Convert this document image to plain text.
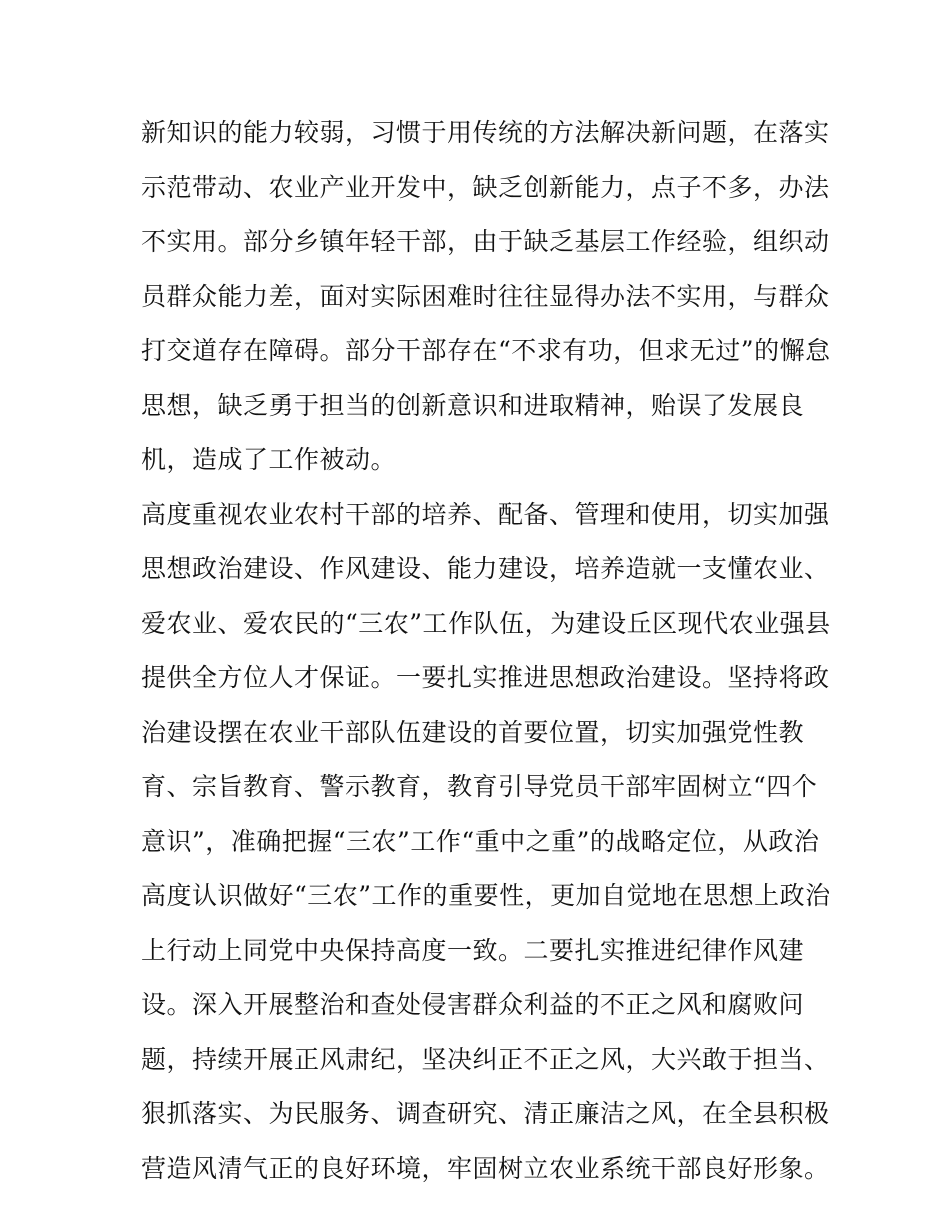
新知识的能力较弱，习惯于用传统的方法解决新问题，在落实
示范带动、农业产业开发中，缺乏创新能力，点子不多，办法
不实用。部分乡镇年轻干部，由于缺乏基层工作经验，组织动
员群众能力差，面对实际困难时往往显得办法不实用，与群众
打交道存在障碍。部分干部存在“不求有功，但求无过”的懈怠
思想，缺乏勇于担当的创新意识和进取精神，贻误了发展良
机，造成了工作被动。
高度重视农业农村干部的培养、配备、管理和使用，切实加强
思想政治建设、作风建设、能力建设，培养造就一支懂农业、
爱农业、爱农民的“三农”工作队伍，为建设丘区现代农业强县
提供全方位人才保证。一要扎实推进思想政治建设。坚持将政
治建设摆在农业干部队伍建设的首要位置，切实加强党性教
育、宗旨教育、警示教育，教育引导党员干部牢固树立“四个
意识”，准确把握“三农”工作“重中之重”的战略定位，从政治
高度认识做好“三农”工作的重要性，更加自觉地在思想上政治
上行动上同党中央保持高度一致。二要扎实推进纪律作风建
设。深入开展整治和查处侵害群众利益的不正之风和腐败问
题，持续开展正风肃纪，坚决纠正不正之风，大兴敢于担当、
狠抓落实、为民服务、调查研究、清正廉洁之风，在全县积极
营造风清气正的良好环境，牢固树立农业系统干部良好形象。
